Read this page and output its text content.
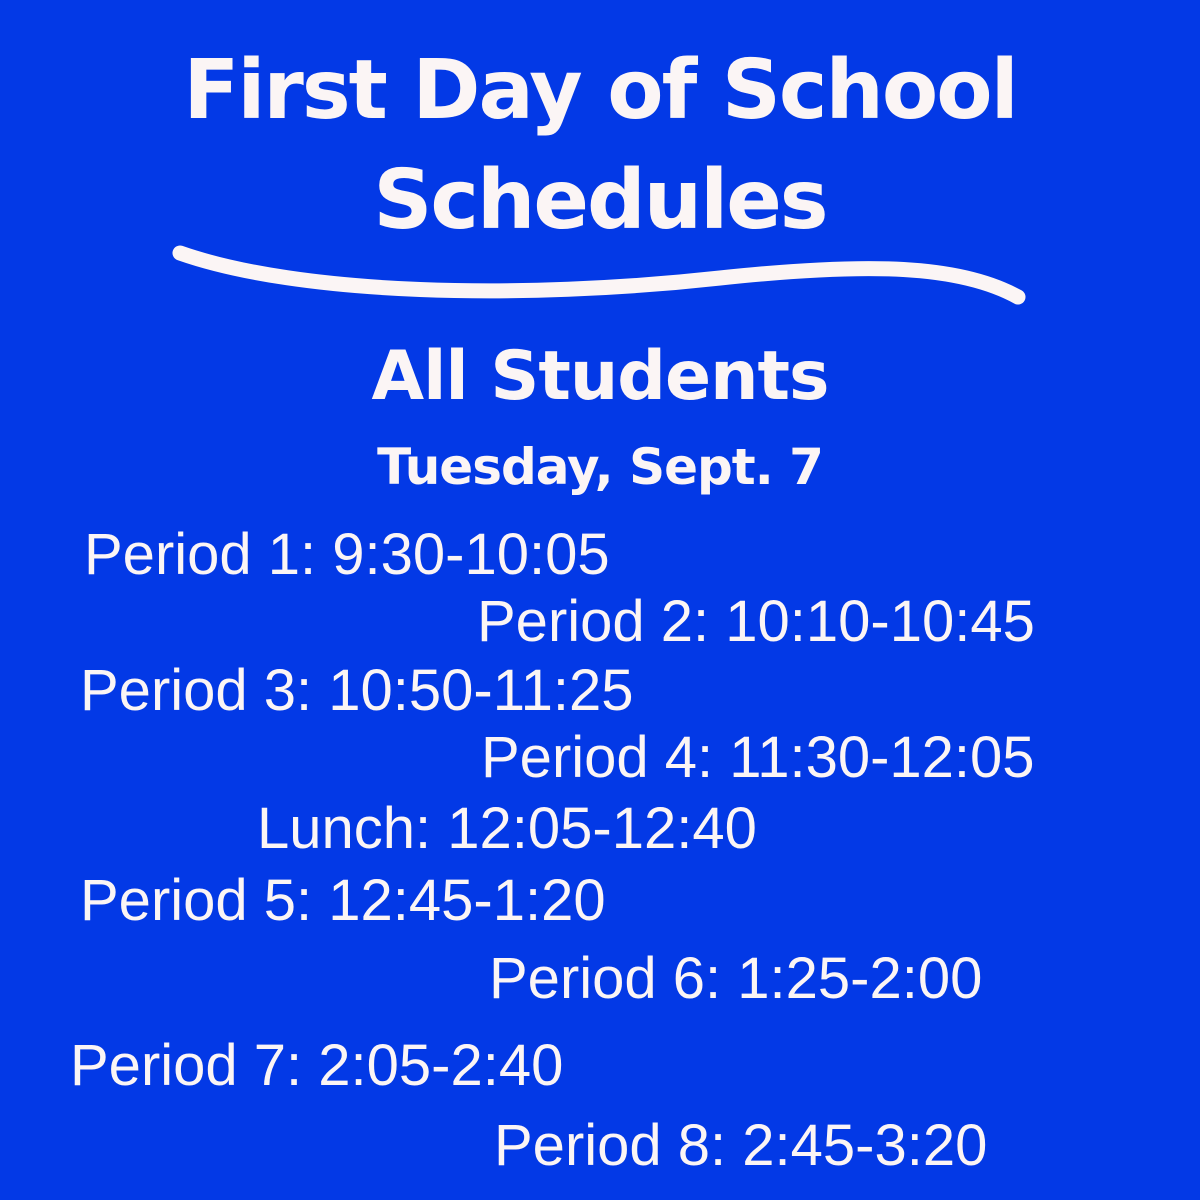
First Day of School
Schedules
All Students
Tuesday, Sept. 7
Period 1: 9:30-10:05
Period 2: 10:10-10:45
Period 3: 10:50-11:25
Period 4: 11:30-12:05
Lunch: 12:05-12:40
Period 5: 12:45-1:20
Period 6: 1:25-2:00
Period 7: 2:05-2:40
Period 8: 2:45-3:20
